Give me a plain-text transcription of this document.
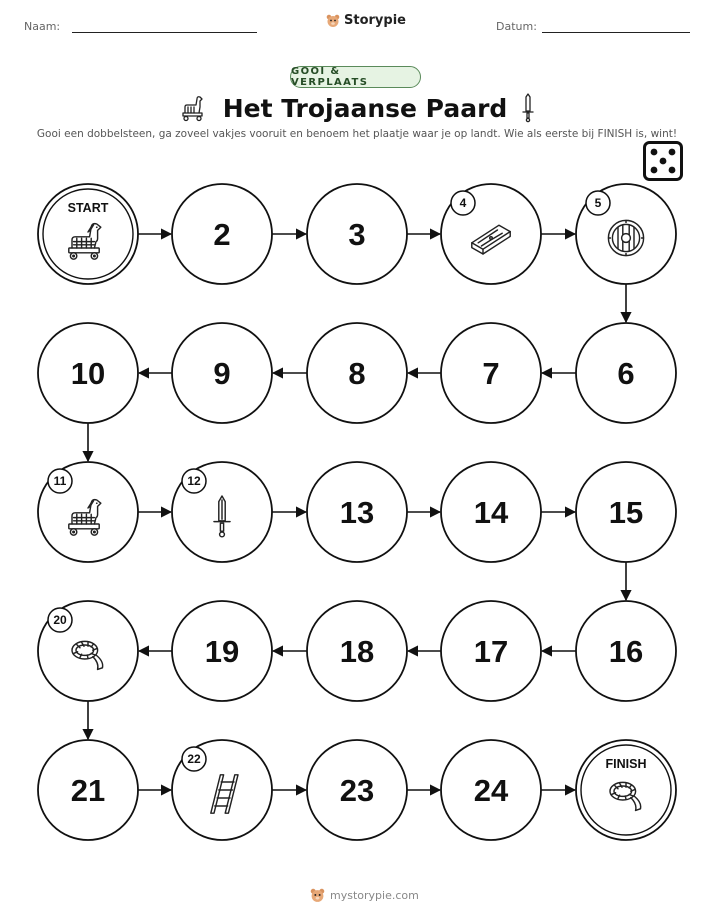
Naam:	Storypie	Datum:
GOOI & VERPLAATS
Het Trojaanse Paard
Gooi een dobbelsteen, ga zoveel vakjes vooruit en benoem het plaatje waar je op landt. Wie als eerste bij FINISH is, wint!
START
2	3
4	5
6
7
8
9
10
11	12
13	14	15
16
17
18
19
20
21
22
23	24
FINISH
mystorypie.com
